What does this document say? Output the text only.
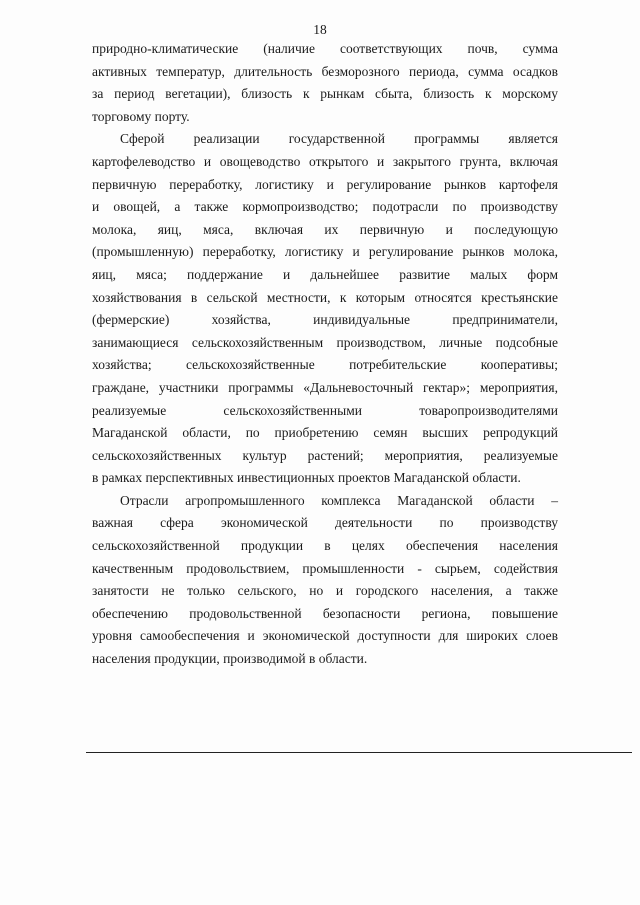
18
природно-климатические (наличие соответствующих почв, сумма
активных температур, длительность безморозного периода, сумма осадков
за период вегетации), близость к рынкам сбыта, близость к морскому
торговому порту.
Сферой реализации государственной программы является
картофелеводство и овощеводство открытого и закрытого грунта, включая
первичную переработку, логистику и регулирование рынков картофеля
и овощей, а также кормопроизводство; подотрасли по производству
молока, яиц, мяса, включая их первичную и последующую
(промышленную) переработку, логистику и регулирование рынков молока,
яиц, мяса; поддержание и дальнейшее развитие малых форм
хозяйствования в сельской местности, к которым относятся крестьянские
(фермерские) хозяйства, индивидуальные предприниматели,
занимающиеся сельскохозяйственным производством, личные подсобные
хозяйства; сельскохозяйственные потребительские кооперативы;
граждане, участники программы «Дальневосточный гектар»; мероприятия,
реализуемые сельскохозяйственными товаропроизводителями
Магаданской области, по приобретению семян высших репродукций
сельскохозяйственных культур растений; мероприятия, реализуемые
в рамках перспективных инвестиционных проектов Магаданской области.
Отрасли агропромышленного комплекса Магаданской области –
важная сфера экономической деятельности по производству
сельскохозяйственной продукции в целях обеспечения населения
качественным продовольствием, промышленности - сырьем, содействия
занятости не только сельского, но и городского населения, а также
обеспечению продовольственной безопасности региона, повышение
уровня самообеспечения и экономической доступности для широких слоев
населения продукции, производимой в области.
